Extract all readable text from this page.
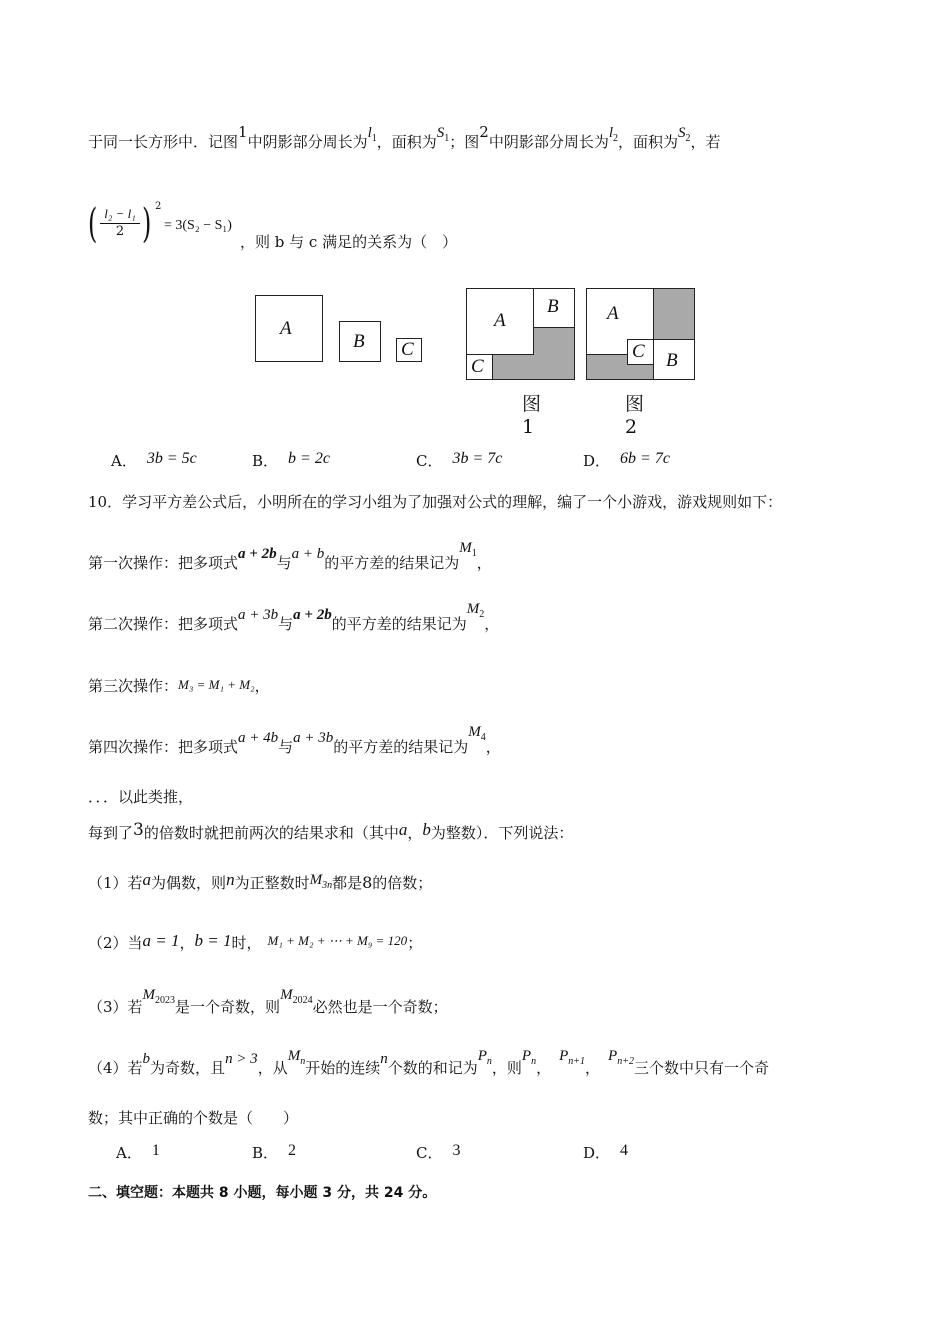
于同一长方形中．记图1中阴影部分周长为$l_1$，面积为$S_1$；图2中阴影部分周长为$l_2$，面积为$S_2$，若
( $\frac{\text{l₂ − l₁}}{2}$ ) 2
= 3(S₂ − S₁)
，则 b 与 c 满足的关系为（　）
A
B C
A
B
C
A
B
C
图1
图2
A． 3b = 5c	B． b = 2c	C． 3b = 7c	D． 6b = 7c
10．学习平方差公式后，小明所在的学习小组为了加强对公式的理解，编了一个小游戏，游戏规则如下：
第一次操作：把多项式a + 2b与a + b的平方差的结果记为$M_1$，
第二次操作：把多项式a + 3b与a + 2b的平方差的结果记为$M_2$，
第三次操作：M₃ = M₁ + M₂，
第四次操作：把多项式a + 4b与a + 3b的平方差的结果记为$M_4$，
．．．以此类推，
每到了3的倍数时就把前两次的结果求和（其中a，b为整数）．下列说法：
（1）若a为偶数，则n为正整数时$M_{3n}$都是8的倍数；
（2）当a = 1，b = 1时， M₁ + M₂ + ⋯ + M₉ = 120；
（3）若$M_{2023}$是一个奇数，则$M_{2024}$必然也是一个奇数；
（4）若b为奇数，且n > 3，从$M_n$开始的连续n个数的和记为$P_n$，则$P_n$，$P_{n+1}$，$P_{n+2}$三个数中只有一个奇
数；其中正确的个数是（　　）
A． 1	B． 2	C． 3	D． 4
二、填空题：本题共 8 小题，每小题 3 分，共 24 分。
